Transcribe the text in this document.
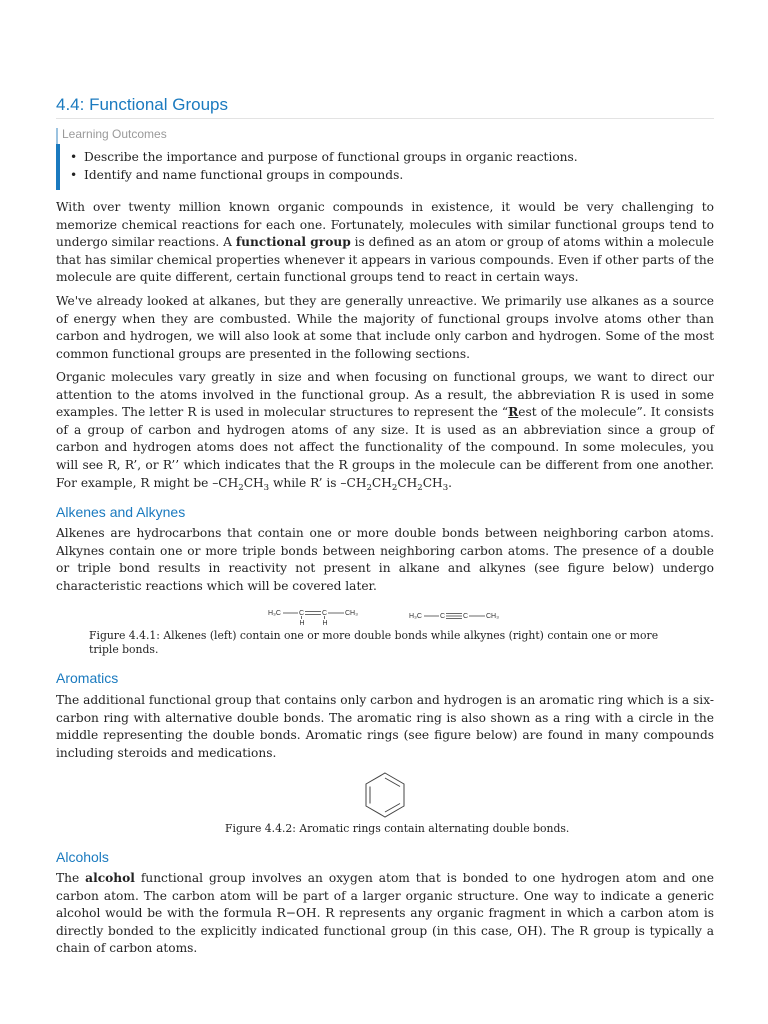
4.4: Functional Groups
Learning Outcomes
• Describe the importance and purpose of functional groups in organic reactions.
• Identify and name functional groups in compounds.

With over twenty million known organic compounds in existence, it would be very challenging to memorize chemical reactions for each one. Fortunately, molecules with similar functional groups tend to undergo similar reactions. A functional group is defined as an atom or group of atoms within a molecule that has similar chemical properties whenever it appears in various compounds. Even if other parts of the molecule are quite different, certain functional groups tend to react in certain ways.

We've already looked at alkanes, but they are generally unreactive. We primarily use alkanes as a source of energy when they are combusted. While the majority of functional groups involve atoms other than carbon and hydrogen, we will also look at some that include only carbon and hydrogen. Some of the most common functional groups are presented in the following sections.

Organic molecules vary greatly in size and when focusing on functional groups, we want to direct our attention to the atoms involved in the functional group. As a result, the abbreviation R is used in some examples. The letter R is used in molecular structures to represent the “Rest of the molecule”. It consists of a group of carbon and hydrogen atoms of any size. It is used as an abbreviation since a group of carbon and hydrogen atoms does not affect the functionality of the compound. In some molecules, you will see R, R’, or R’’ which indicates that the R groups in the molecule can be different from one another. For example, R might be $-CH_2CH_3$ while R’ is $-CH_2CH_2CH_2CH_3$.

Alkenes and Alkynes

Alkenes are hydrocarbons that contain one or more double bonds between neighboring carbon atoms. Alkynes contain one or more triple bonds between neighboring carbon atoms. The presence of a double or triple bond results in reactivity not present in alkane and alkynes (see figure below) undergo characteristic reactions which will be covered later.

H₃C	C	C	CH₃
H	H
H₃C	C	C	CH₃

Figure 4.4.1: Alkenes (left) contain one or more double bonds while alkynes (right) contain one or more triple bonds.

Aromatics

The additional functional group that contains only carbon and hydrogen is an aromatic ring which is a six-carbon ring with alternative double bonds. The aromatic ring is also shown as a ring with a circle in the middle representing the double bonds. Aromatic rings (see figure below) are found in many compounds including steroids and medications.

Figure 4.4.2: Aromatic rings contain alternating double bonds.

Alcohols

The alcohol functional group involves an oxygen atom that is bonded to one hydrogen atom and one carbon atom. The carbon atom will be part of a larger organic structure. One way to indicate a generic alcohol would be with the formula R−OH. R represents any organic fragment in which a carbon atom is directly bonded to the explicitly indicated functional group (in this case, OH). The R group is typically a chain of carbon atoms.
